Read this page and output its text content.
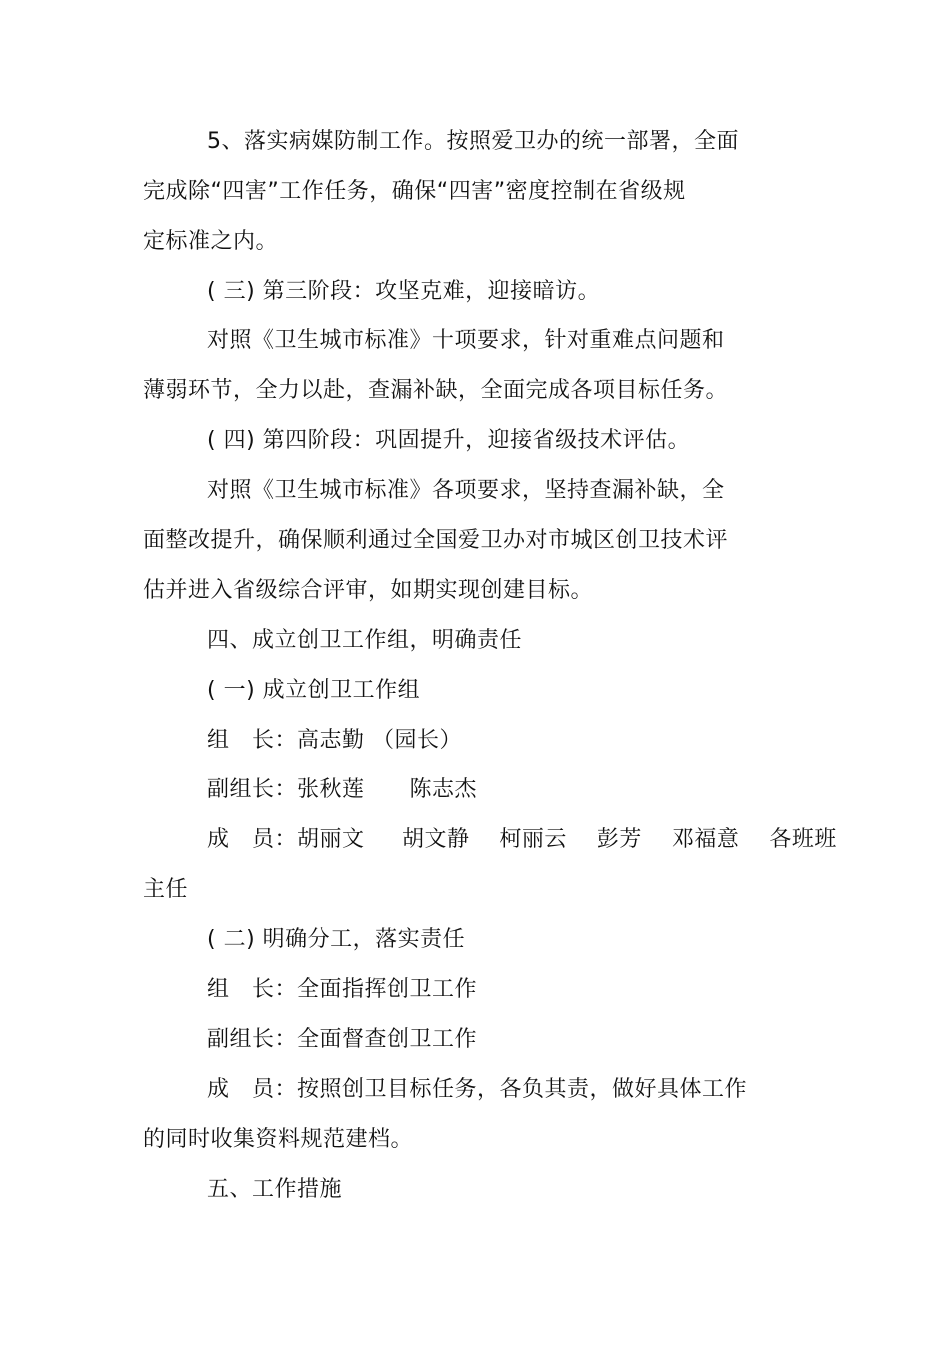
5、落实病媒防制工作。按照爱卫办的统一部署，全面
完成除“四害”工作任务，确保“四害”密度控制在省级规
定标准之内。
( 三) 第三阶段：攻坚克难，迎接暗访。
对照《卫生城市标准》十项要求，针对重难点问题和
薄弱环节，全力以赴，查漏补缺，全面完成各项目标任务。
( 四) 第四阶段：巩固提升，迎接省级技术评估。
对照《卫生城市标准》各项要求，坚持查漏补缺，全
面整改提升，确保顺利通过全国爱卫办对市城区创卫技术评
估并进入省级综合评审，如期实现创建目标。
四、成立创卫工作组，明确责任
( 一) 成立创卫工作组
组   长：高志勤 （园长）
副组长：张秋莲      陈志杰
成   员：胡丽文     胡文静    柯丽云    彭芳    邓福意    各班班
主任
( 二) 明确分工，落实责任
组   长：全面指挥创卫工作
副组长：全面督查创卫工作
成   员：按照创卫目标任务，各负其责，做好具体工作
的同时收集资料规范建档。
五、工作措施
